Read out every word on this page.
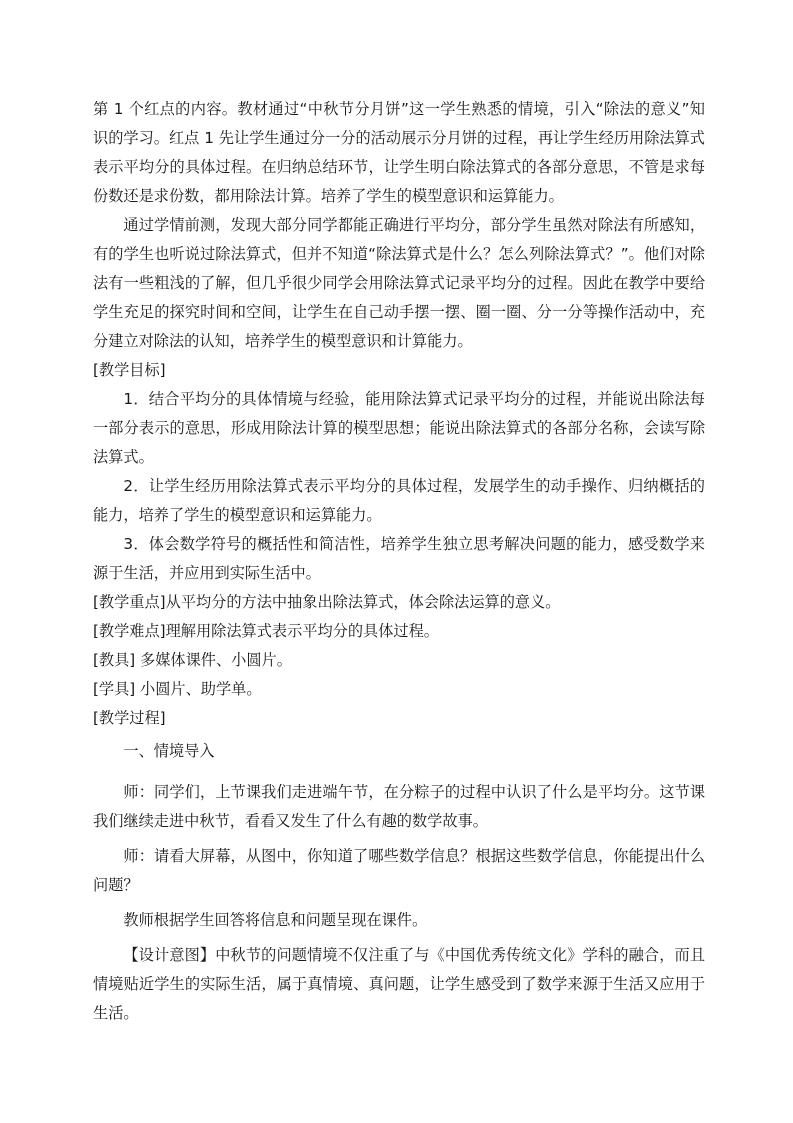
第 1 个红点的内容。教材通过“中秋节分月饼”这一学生熟悉的情境，引入“除法的意义”知识的学习。红点 1 先让学生通过分一分的活动展示分月饼的过程，再让学生经历用除法算式表示平均分的具体过程。在归纳总结环节，让学生明白除法算式的各部分意思，不管是求每份数还是求份数，都用除法计算。培养了学生的模型意识和运算能力。

通过学情前测，发现大部分同学都能正确进行平均分，部分学生虽然对除法有所感知，有的学生也听说过除法算式，但并不知道“除法算式是什么？怎么列除法算式？”。他们对除法有一些粗浅的了解，但几乎很少同学会用除法算式记录平均分的过程。因此在教学中要给学生充足的探究时间和空间，让学生在自己动手摆一摆、圈一圈、分一分等操作活动中，充分建立对除法的认知，培养学生的模型意识和计算能力。

[教学目标]

1．结合平均分的具体情境与经验，能用除法算式记录平均分的过程，并能说出除法每一部分表示的意思，形成用除法计算的模型思想；能说出除法算式的各部分名称，会读写除法算式。

2．让学生经历用除法算式表示平均分的具体过程，发展学生的动手操作、归纳概括的能力，培养了学生的模型意识和运算能力。

3．体会数学符号的概括性和简洁性，培养学生独立思考解决问题的能力，感受数学来源于生活，并应用到实际生活中。

[教学重点]从平均分的方法中抽象出除法算式，体会除法运算的意义。

[教学难点]理解用除法算式表示平均分的具体过程。

[教具] 多媒体课件、小圆片。

[学具] 小圆片、助学单。

[教学过程]

一、情境导入

师：同学们，上节课我们走进端午节，在分粽子的过程中认识了什么是平均分。这节课我们继续走进中秋节，看看又发生了什么有趣的数学故事。

师：请看大屏幕，从图中，你知道了哪些数学信息？根据这些数学信息，你能提出什么问题？

教师根据学生回答将信息和问题呈现在课件。

【设计意图】中秋节的问题情境不仅注重了与《中国优秀传统文化》学科的融合，而且情境贴近学生的实际生活，属于真情境、真问题，让学生感受到了数学来源于生活又应用于生活。
